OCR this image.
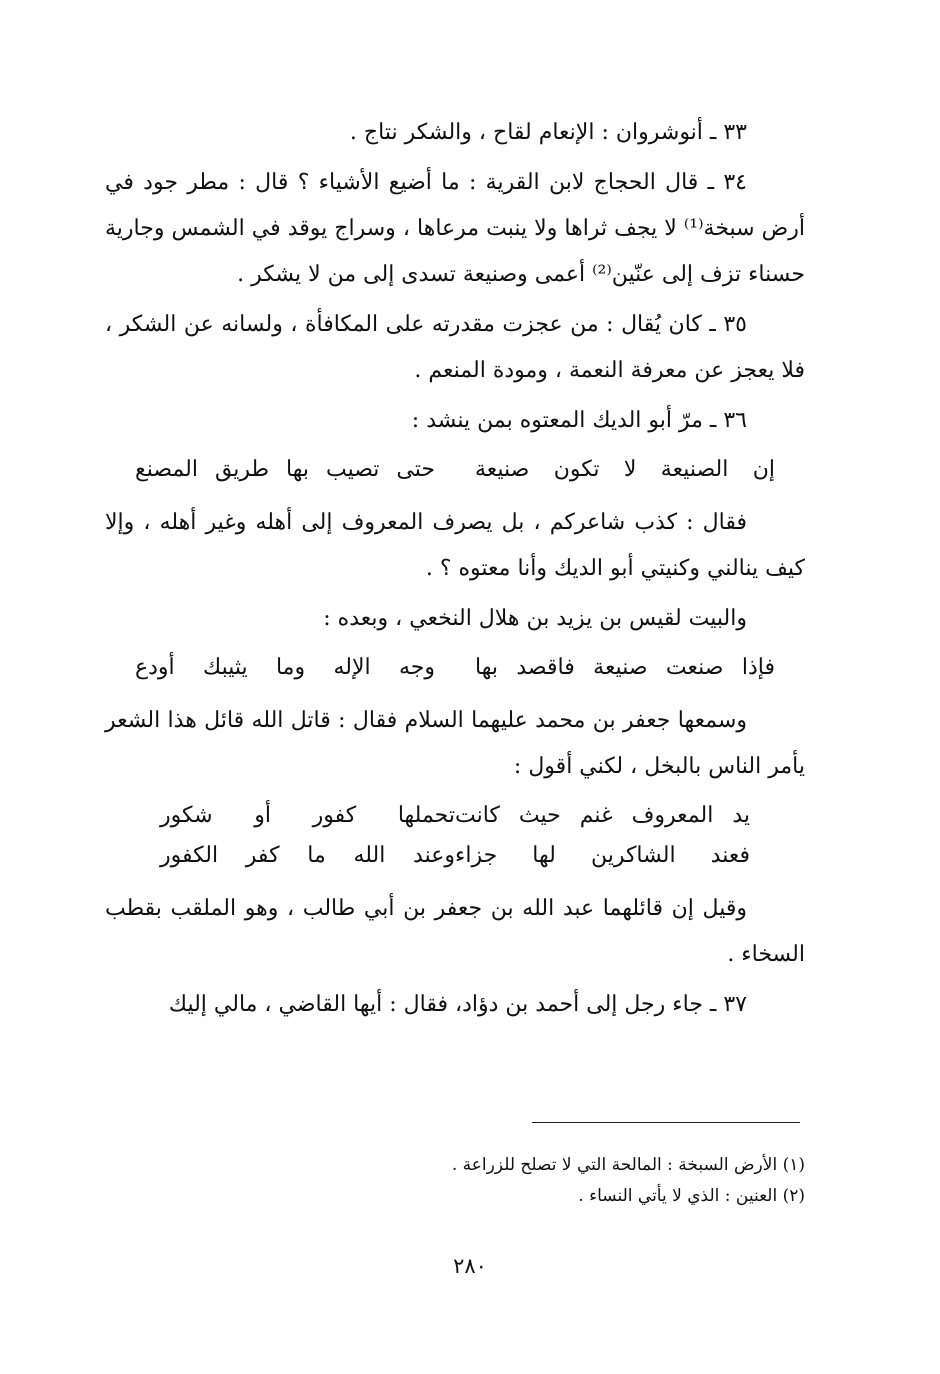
٣٣ ـ أنوشروان : الإنعام لقاح ، والشكر نتاج .

٣٤ ـ قال الحجاج لابن القرية : ما أضيع الأشياء ؟ قال : مطر جود في أرض سبخة⁽¹⁾ لا يجف ثراها ولا ينبت مرعاها ، وسراج يوقد في الشمس وجارية حسناء تزف إلى عنّين⁽²⁾ أعمى وصنيعة تسدى إلى من لا يشكر .

٣٥ ـ كان يُقال : من عجزت مقدرته على المكافأة ، ولسانه عن الشكر ، فلا يعجز عن معرفة النعمة ، ومودة المنعم .

٣٦ ـ مرّ أبو الديك المعتوه بمن ينشد :

إن الصنيعة لا تكون صنيعة
حتى تصيب بها طريق المصنع

فقال : كذب شاعركم ، بل يصرف المعروف إلى أهله وغير أهله ، وإلا كيف ينالني وكنيتي أبو الديك وأنا معتوه ؟ .

والبيت لقيس بن يزيد بن هلال النخعي ، وبعده :

فإذا صنعت صنيعة فاقصد بها
وجه الإله وما يثيبك أودع

وسمعها جعفر بن محمد عليهما السلام فقال : قاتل الله قائل هذا الشعر يأمر الناس بالبخل ، لكني أقول :

يد المعروف غنم حيث كانت
تحملها كفور أو شكور
فعند الشاكرين لها جزاء
وعند الله ما كفر الكفور

وقيل إن قائلهما عبد الله بن جعفر بن أبي طالب ، وهو الملقب بقطب السخاء .

٣٧ ـ جاء رجل إلى أحمد بن دؤاد، فقال : أيها القاضي ، مالي إليك

(١) الأرض السبخة : المالحة التي لا تصلح للزراعة .

(٢) العنين : الذي لا يأتي النساء .

٢٨٠
